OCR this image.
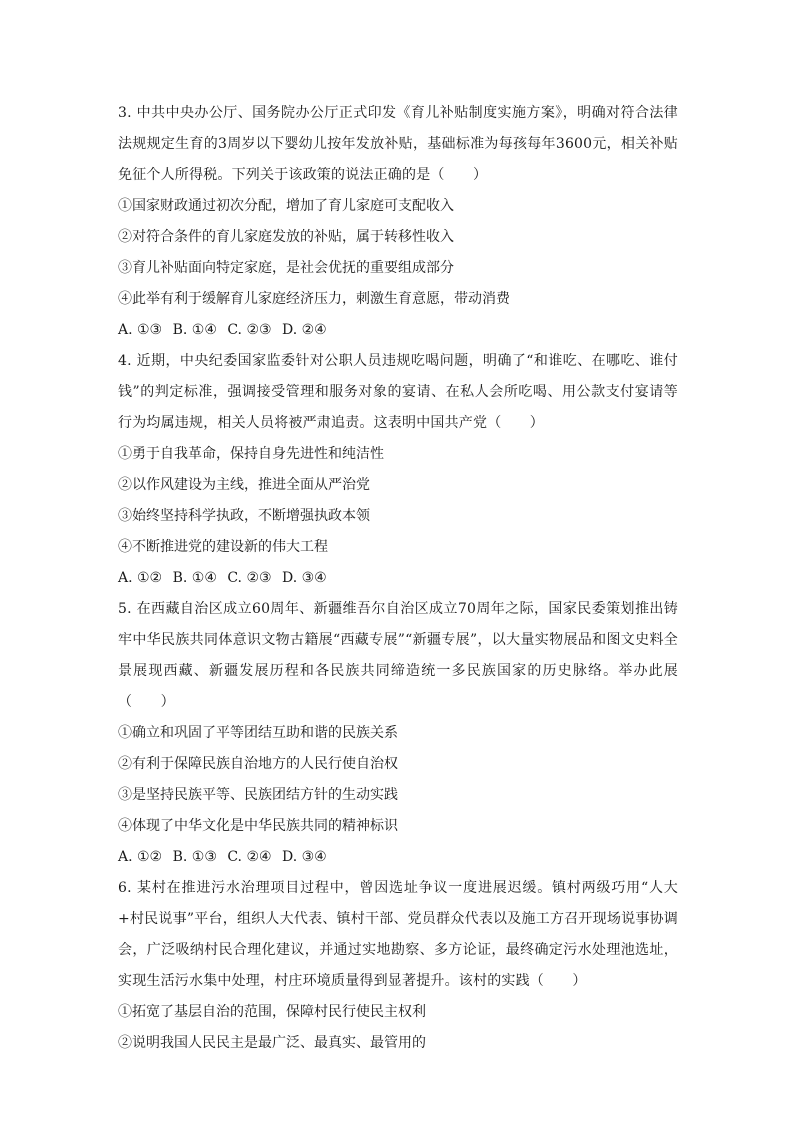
3. 中共中央办公厅、国务院办公厅正式印发《育儿补贴制度实施方案》，明确对符合法律法规规定生育的3周岁以下婴幼儿按年发放补贴，基础标准为每孩每年3600元，相关补贴免征个人所得税。下列关于该政策的说法正确的是（　　）

①国家财政通过初次分配，增加了育儿家庭可支配收入

②对符合条件的育儿家庭发放的补贴，属于转移性收入

③育儿补贴面向特定家庭，是社会优抚的重要组成部分

④此举有利于缓解育儿家庭经济压力，刺激生育意愿，带动消费

A. ①③ B. ①④ C. ②③ D. ②④

4. 近期，中央纪委国家监委针对公职人员违规吃喝问题，明确了“和谁吃、在哪吃、谁付钱”的判定标准，强调接受管理和服务对象的宴请、在私人会所吃喝、用公款支付宴请等行为均属违规，相关人员将被严肃追责。这表明中国共产党（　　）

①勇于自我革命，保持自身先进性和纯洁性

②以作风建设为主线，推进全面从严治党

③始终坚持科学执政，不断增强执政本领

④不断推进党的建设新的伟大工程

A. ①② B. ①④ C. ②③ D. ③④

5. 在西藏自治区成立60周年、新疆维吾尔自治区成立70周年之际，国家民委策划推出铸牢中华民族共同体意识文物古籍展“西藏专展”“新疆专展”，以大量实物展品和图文史料全景展现西藏、新疆发展历程和各民族共同缔造统一多民族国家的历史脉络。举办此展（　　）

①确立和巩固了平等团结互助和谐的民族关系

②有利于保障民族自治地方的人民行使自治权

③是坚持民族平等、民族团结方针的生动实践

④体现了中华文化是中华民族共同的精神标识

A. ①② B. ①③ C. ②④ D. ③④

6. 某村在推进污水治理项目过程中，曾因选址争议一度进展迟缓。镇村两级巧用“人大+村民说事”平台，组织人大代表、镇村干部、党员群众代表以及施工方召开现场说事协调会，广泛吸纳村民合理化建议，并通过实地勘察、多方论证，最终确定污水处理池选址，实现生活污水集中处理，村庄环境质量得到显著提升。该村的实践（　　）

①拓宽了基层自治的范围，保障村民行使民主权利

②说明我国人民民主是最广泛、最真实、最管用的
